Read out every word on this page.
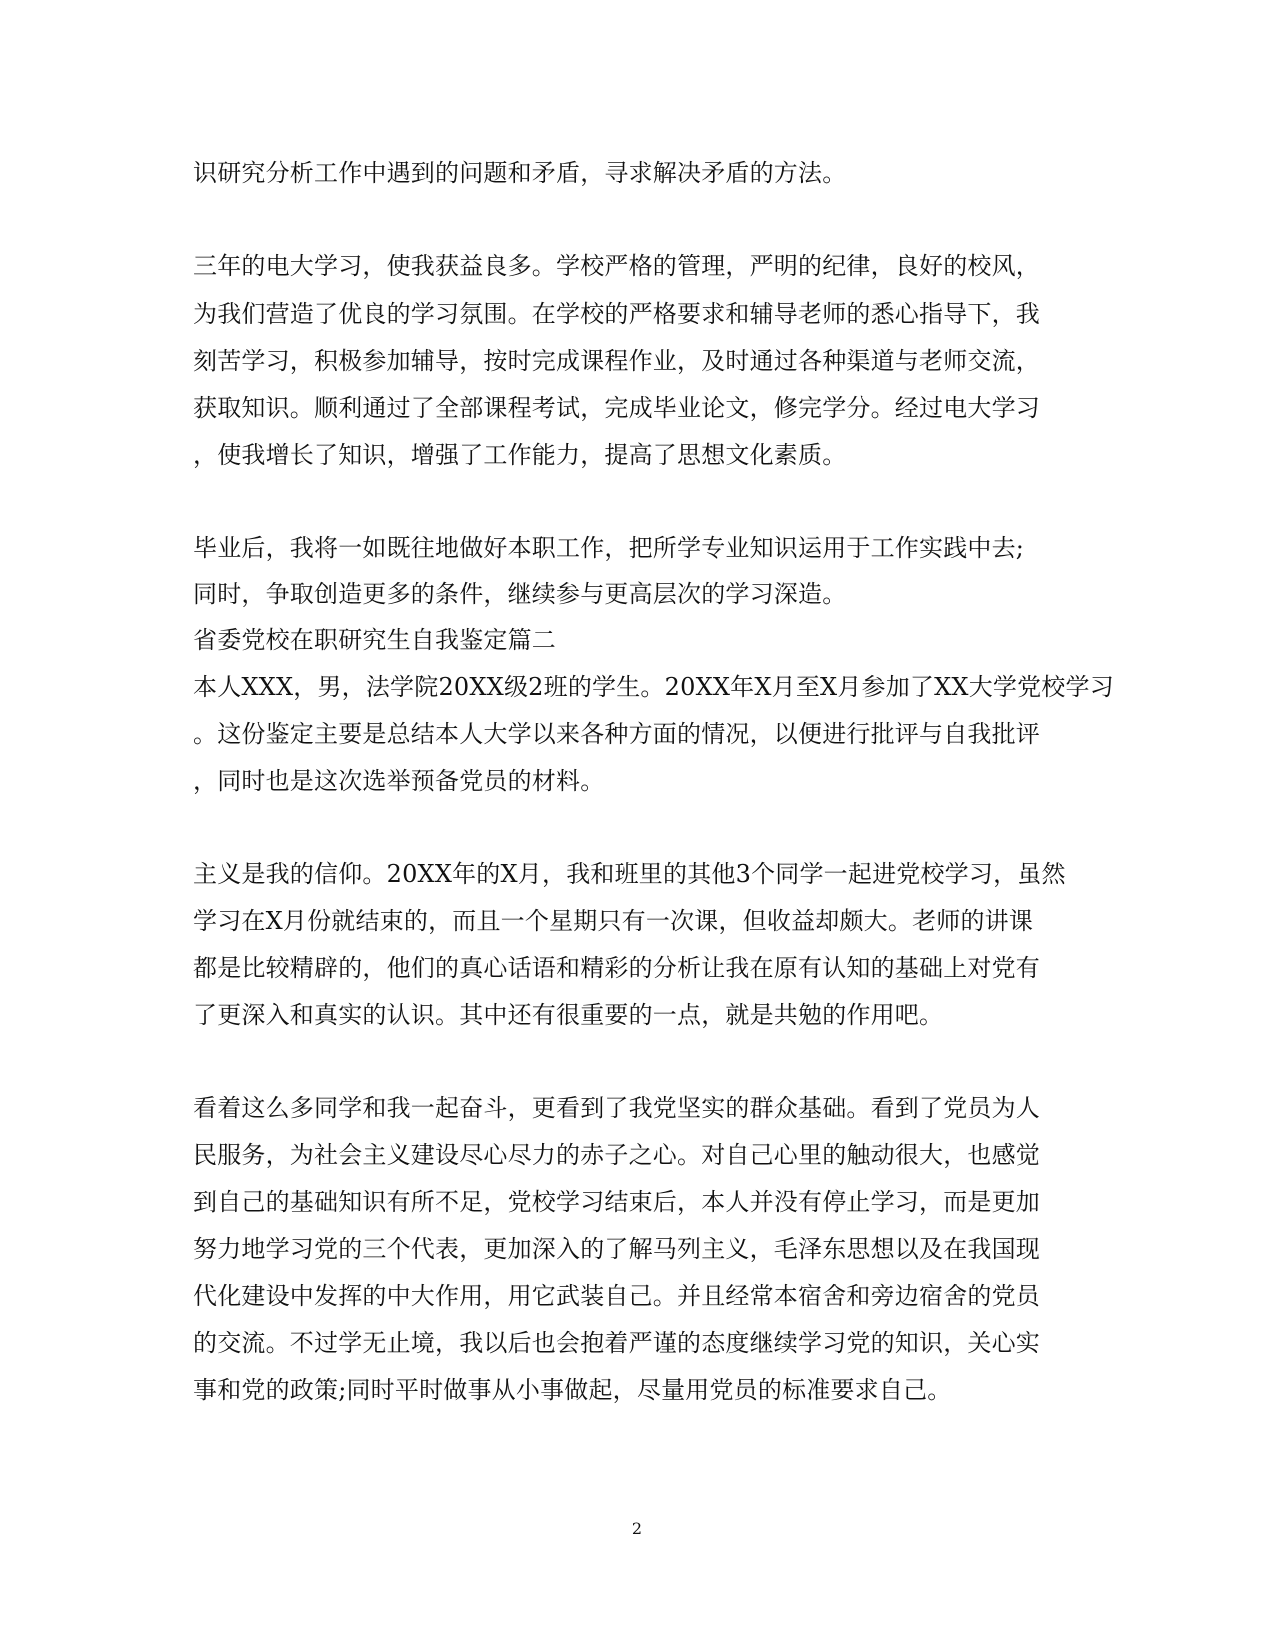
识研究分析工作中遇到的问题和矛盾，寻求解决矛盾的方法。
三年的电大学习，使我获益良多。学校严格的管理，严明的纪律，良好的校风，
为我们营造了优良的学习氛围。在学校的严格要求和辅导老师的悉心指导下，我
刻苦学习，积极参加辅导，按时完成课程作业，及时通过各种渠道与老师交流，
获取知识。顺利通过了全部课程考试，完成毕业论文，修完学分。经过电大学习
，使我增长了知识，增强了工作能力，提高了思想文化素质。
毕业后，我将一如既往地做好本职工作，把所学专业知识运用于工作实践中去;
同时，争取创造更多的条件，继续参与更高层次的学习深造。
省委党校在职研究生自我鉴定篇二
本人XXX，男，法学院20XX级2班的学生。20XX年X月至X月参加了XX大学党校学习
。这份鉴定主要是总结本人大学以来各种方面的情况，以便进行批评与自我批评
，同时也是这次选举预备党员的材料。
主义是我的信仰。20XX年的X月，我和班里的其他3个同学一起进党校学习，虽然
学习在X月份就结束的，而且一个星期只有一次课，但收益却颇大。老师的讲课
都是比较精辟的，他们的真心话语和精彩的分析让我在原有认知的基础上对党有
了更深入和真实的认识。其中还有很重要的一点，就是共勉的作用吧。
看着这么多同学和我一起奋斗，更看到了我党坚实的群众基础。看到了党员为人
民服务，为社会主义建设尽心尽力的赤子之心。对自己心里的触动很大，也感觉
到自己的基础知识有所不足，党校学习结束后，本人并没有停止学习，而是更加
努力地学习党的三个代表，更加深入的了解马列主义，毛泽东思想以及在我国现
代化建设中发挥的中大作用，用它武装自己。并且经常本宿舍和旁边宿舍的党员
的交流。不过学无止境，我以后也会抱着严谨的态度继续学习党的知识，关心实
事和党的政策;同时平时做事从小事做起，尽量用党员的标准要求自己。
2
